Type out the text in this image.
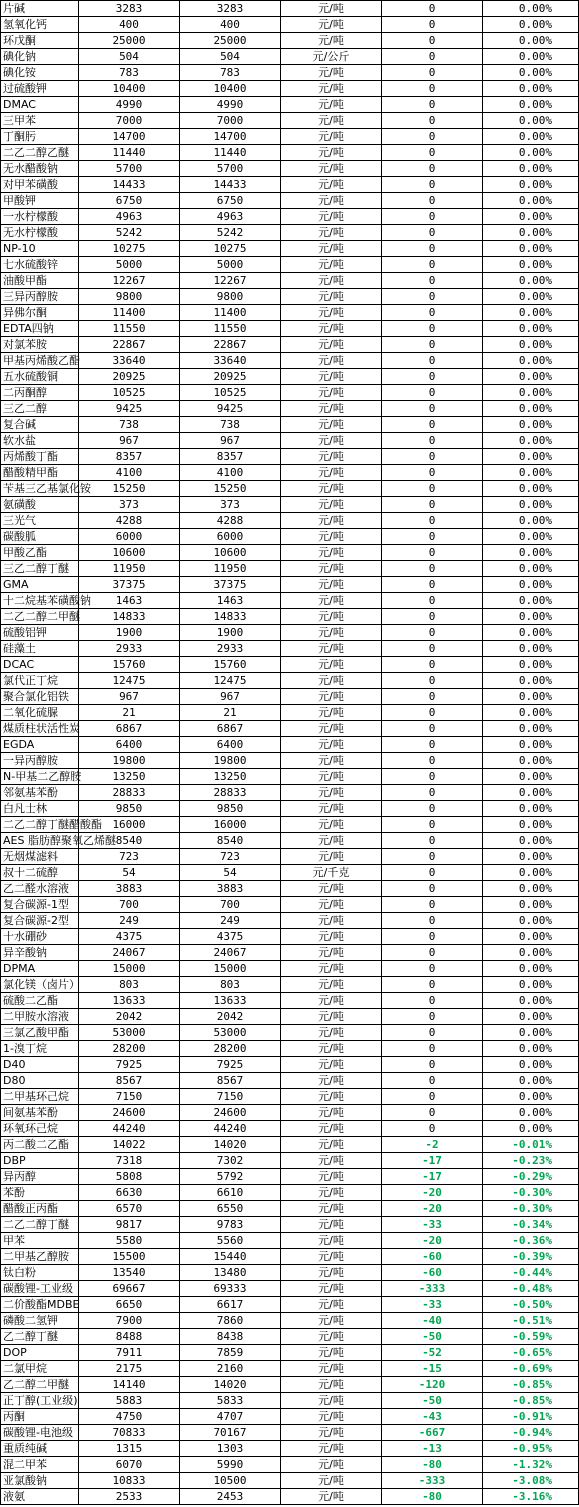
片碱	3283	3283	元/吨	0	0.00%
氢氧化钙	400	400	元/吨	0	0.00%
环戊酮	25000	25000	元/吨	0	0.00%
碘化钠	504	504	元/公斤	0	0.00%
碘化铵	783	783	元/吨	0	0.00%
过硫酸钾	10400	10400	元/吨	0	0.00%
DMAC	4990	4990	元/吨	0	0.00%
三甲苯	7000	7000	元/吨	0	0.00%
丁酮肟	14700	14700	元/吨	0	0.00%
二乙二醇乙醚	11440	11440	元/吨	0	0.00%
无水醋酸钠	5700	5700	元/吨	0	0.00%
对甲苯磺酸	14433	14433	元/吨	0	0.00%
甲酸钾	6750	6750	元/吨	0	0.00%
一水柠檬酸	4963	4963	元/吨	0	0.00%
无水柠檬酸	5242	5242	元/吨	0	0.00%
NP-10	10275	10275	元/吨	0	0.00%
七水硫酸锌	5000	5000	元/吨	0	0.00%
油酸甲酯	12267	12267	元/吨	0	0.00%
三异丙醇胺	9800	9800	元/吨	0	0.00%
异佛尔酮	11400	11400	元/吨	0	0.00%
EDTA四钠	11550	11550	元/吨	0	0.00%
对氯苯胺	22867	22867	元/吨	0	0.00%
甲基丙烯酸乙酯	33640	33640	元/吨	0	0.00%
五水硫酸铜	20925	20925	元/吨	0	0.00%
二丙酮醇	10525	10525	元/吨	0	0.00%
三乙二醇	9425	9425	元/吨	0	0.00%
复合碱	738	738	元/吨	0	0.00%
软水盐	967	967	元/吨	0	0.00%
丙烯酸丁酯	8357	8357	元/吨	0	0.00%
醋酸精甲酯	4100	4100	元/吨	0	0.00%
苄基三乙基氯化铵	15250	15250	元/吨	0	0.00%
氨磺酸	373	373	元/吨	0	0.00%
三光气	4288	4288	元/吨	0	0.00%
碳酸胍	6000	6000	元/吨	0	0.00%
甲酸乙酯	10600	10600	元/吨	0	0.00%
三乙二醇丁醚	11950	11950	元/吨	0	0.00%
GMA	37375	37375	元/吨	0	0.00%
十二烷基苯磺酸钠	1463	1463	元/吨	0	0.00%
二乙二醇二甲醚	14833	14833	元/吨	0	0.00%
硫酸铝钾	1900	1900	元/吨	0	0.00%
硅藻土	2933	2933	元/吨	0	0.00%
DCAC	15760	15760	元/吨	0	0.00%
氯代正丁烷	12475	12475	元/吨	0	0.00%
聚合氯化铝铁	967	967	元/吨	0	0.00%
二氧化硫脲	21	21	元/吨	0	0.00%
煤质柱状活性炭	6867	6867	元/吨	0	0.00%
EGDA	6400	6400	元/吨	0	0.00%
一异丙醇胺	19800	19800	元/吨	0	0.00%
N-甲基二乙醇胺	13250	13250	元/吨	0	0.00%
邻氨基苯酚	28833	28833	元/吨	0	0.00%
白凡士林	9850	9850	元/吨	0	0.00%
二乙二醇丁醚醋酸酯	16000	16000	元/吨	0	0.00%
AES 脂肪醇聚氧乙烯醚	8540	8540	元/吨	0	0.00%
无烟煤滤料	723	723	元/吨	0	0.00%
叔十二硫醇	54	54	元/千克	0	0.00%
乙二醛水溶液	3883	3883	元/吨	0	0.00%
复合碳源-1型	700	700	元/吨	0	0.00%
复合碳源-2型	249	249	元/吨	0	0.00%
十水硼砂	4375	4375	元/吨	0	0.00%
异辛酸钠	24067	24067	元/吨	0	0.00%
DPMA	15000	15000	元/吨	0	0.00%
氯化镁（卤片）	803	803	元/吨	0	0.00%
硫酸二乙酯	13633	13633	元/吨	0	0.00%
二甲胺水溶液	2042	2042	元/吨	0	0.00%
三氯乙酸甲酯	53000	53000	元/吨	0	0.00%
1-溴丁烷	28200	28200	元/吨	0	0.00%
D40	7925	7925	元/吨	0	0.00%
D80	8567	8567	元/吨	0	0.00%
二甲基环己烷	7150	7150	元/吨	0	0.00%
间氨基苯酚	24600	24600	元/吨	0	0.00%
环氧环己烷	44240	44240	元/吨	0	0.00%
丙二酸二乙酯	14022	14020	元/吨	-2	-0.01%
DBP	7318	7302	元/吨	-17	-0.23%
异丙醇	5808	5792	元/吨	-17	-0.29%
苯酚	6630	6610	元/吨	-20	-0.30%
醋酸正丙酯	6570	6550	元/吨	-20	-0.30%
二乙二醇丁醚	9817	9783	元/吨	-33	-0.34%
甲苯	5580	5560	元/吨	-20	-0.36%
二甲基乙醇胺	15500	15440	元/吨	-60	-0.39%
钛白粉	13540	13480	元/吨	-60	-0.44%
碳酸锂-工业级	69667	69333	元/吨	-333	-0.48%
二价酸酯MDBE	6650	6617	元/吨	-33	-0.50%
磷酸二氢钾	7900	7860	元/吨	-40	-0.51%
乙二醇丁醚	8488	8438	元/吨	-50	-0.59%
DOP	7911	7859	元/吨	-52	-0.65%
二氯甲烷	2175	2160	元/吨	-15	-0.69%
乙二醇二甲醚	14140	14020	元/吨	-120	-0.85%
正丁醇(工业级)	5883	5833	元/吨	-50	-0.85%
丙酮	4750	4707	元/吨	-43	-0.91%
碳酸锂-电池级	70833	70167	元/吨	-667	-0.94%
重质纯碱	1315	1303	元/吨	-13	-0.95%
混二甲苯	6070	5990	元/吨	-80	-1.32%
亚氯酸钠	10833	10500	元/吨	-333	-3.08%
液氨	2533	2453	元/吨	-80	-3.16%
